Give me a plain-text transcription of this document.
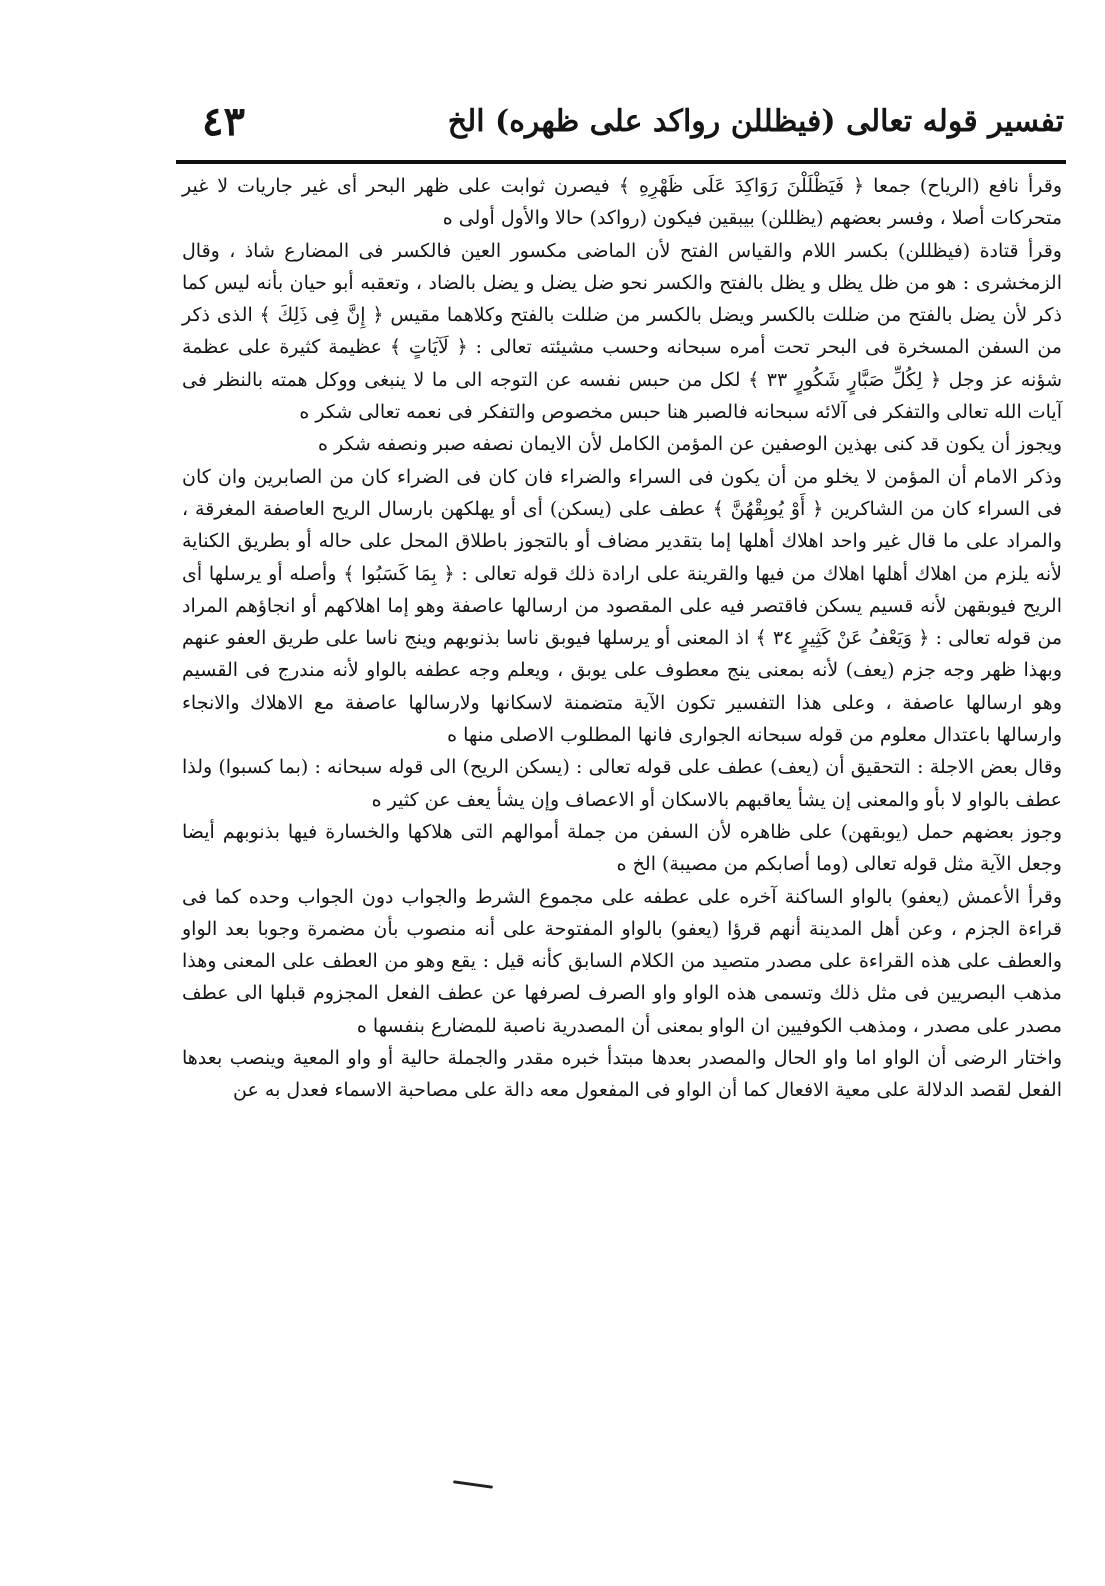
تفسير قوله تعالى (فيظللن رواكد على ظهره) الخ
٤٣

وقرأ نافع (الرياح) جمعا ﴿ فَيَظْلَلْنَ رَوَاكِدَ عَلَى ظَهْرِهِ ﴾ فيصرن ثوابت على ظهر البحر أى غير جاريات لا غير متحركات أصلا ، وفسر بعضهم (يظللن) بيبقين فيكون (رواكد) حالا والأول أولى ه

وقرأ قتادة (فيظللن) بكسر اللام والقياس الفتح لأن الماضى مكسور العين فالكسر فى المضارع شاذ ، وقال الزمخشرى : هو من ظل يظل و يظل بالفتح والكسر نحو ضل يضل و يضل بالضاد ، وتعقبه أبو حيان بأنه ليس كما ذكر لأن يضل بالفتح من ضللت بالكسر ويضل بالكسر من ضللت بالفتح وكلاهما مقيس ﴿ إِنَّ فِى ذَلِكَ ﴾ الذى ذكر من السفن المسخرة فى البحر تحت أمره سبحانه وحسب مشيئته تعالى : ﴿ لَآيَاتٍ ﴾ عظيمة كثيرة على عظمة شؤنه عز وجل ﴿ لِكُلِّ صَبَّارٍ شَكُورٍ ٣٣ ﴾ لكل من حبس نفسه عن التوجه الى ما لا ينبغى ووكل همته بالنظر فى آيات الله تعالى والتفكر فى آلائه سبحانه فالصبر هنا حبس مخصوص والتفكر فى نعمه تعالى شكر ه

ويجوز أن يكون قد كنى بهذين الوصفين عن المؤمن الكامل لأن الايمان نصفه صبر ونصفه شكر ه

وذكر الامام أن المؤمن لا يخلو من أن يكون فى السراء والضراء فان كان فى الضراء كان من الصابرين وان كان فى السراء كان من الشاكرين ﴿ أَوْ يُوبِقْهُنَّ ﴾ عطف على (يسكن) أى أو يهلكهن بارسال الريح العاصفة المغرقة ، والمراد على ما قال غير واحد اهلاك أهلها إما بتقدير مضاف أو بالتجوز باطلاق المحل على حاله أو بطريق الكناية لأنه يلزم من اهلاك أهلها اهلاك من فيها والقرينة على ارادة ذلك قوله تعالى : ﴿ بِمَا كَسَبُوا ﴾ وأصله أو يرسلها أى الريح فيوبقهن لأنه قسيم يسكن فاقتصر فيه على المقصود من ارسالها عاصفة وهو إما اهلاكهم أو انجاؤهم المراد من قوله تعالى : ﴿ وَيَعْفُ عَنْ كَثِيرٍ ٣٤ ﴾ اذ المعنى أو يرسلها فيوبق ناسا بذنوبهم وينج ناسا على طريق العفو عنهم وبهذا ظهر وجه جزم (يعف) لأنه بمعنى ينج معطوف على يوبق ، ويعلم وجه عطفه بالواو لأنه مندرج فى القسيم وهو ارسالها عاصفة ، وعلى هذا التفسير تكون الآية متضمنة لاسكانها ولارسالها عاصفة مع الاهلاك والانجاء وارسالها باعتدال معلوم من قوله سبحانه الجوارى فانها المطلوب الاصلى منها ه

وقال بعض الاجلة : التحقيق أن (يعف) عطف على قوله تعالى : (يسكن الريح) الى قوله سبحانه : (بما كسبوا) ولذا عطف بالواو لا بأو والمعنى إن يشأ يعاقبهم بالاسكان أو الاعصاف وإن يشأ يعف عن كثير ه

وجوز بعضهم حمل (يوبقهن) على ظاهره لأن السفن من جملة أموالهم التى هلاكها والخسارة فيها بذنوبهم أيضا وجعل الآية مثل قوله تعالى (وما أصابكم من مصيبة) الخ ه

وقرأ الأعمش (يعفو) بالواو الساكنة آخره على عطفه على مجموع الشرط والجواب دون الجواب وحده كما فى قراءة الجزم ، وعن أهل المدينة أنهم قرؤا (يعفو) بالواو المفتوحة على أنه منصوب بأن مضمرة وجوبا بعد الواو والعطف على هذه القراءة على مصدر متصيد من الكلام السابق كأنه قيل : يقع وهو من العطف على المعنى وهذا مذهب البصريين فى مثل ذلك وتسمى هذه الواو واو الصرف لصرفها عن عطف الفعل المجزوم قبلها الى عطف مصدر على مصدر ، ومذهب الكوفيين ان الواو بمعنى أن المصدرية ناصبة للمضارع بنفسها ه

واختار الرضى أن الواو اما واو الحال والمصدر بعدها مبتدأ خبره مقدر والجملة حالية أو واو المعية وينصب بعدها الفعل لقصد الدلالة على معية الافعال كما أن الواو فى المفعول معه دالة على مصاحبة الاسماء فعدل به عن
